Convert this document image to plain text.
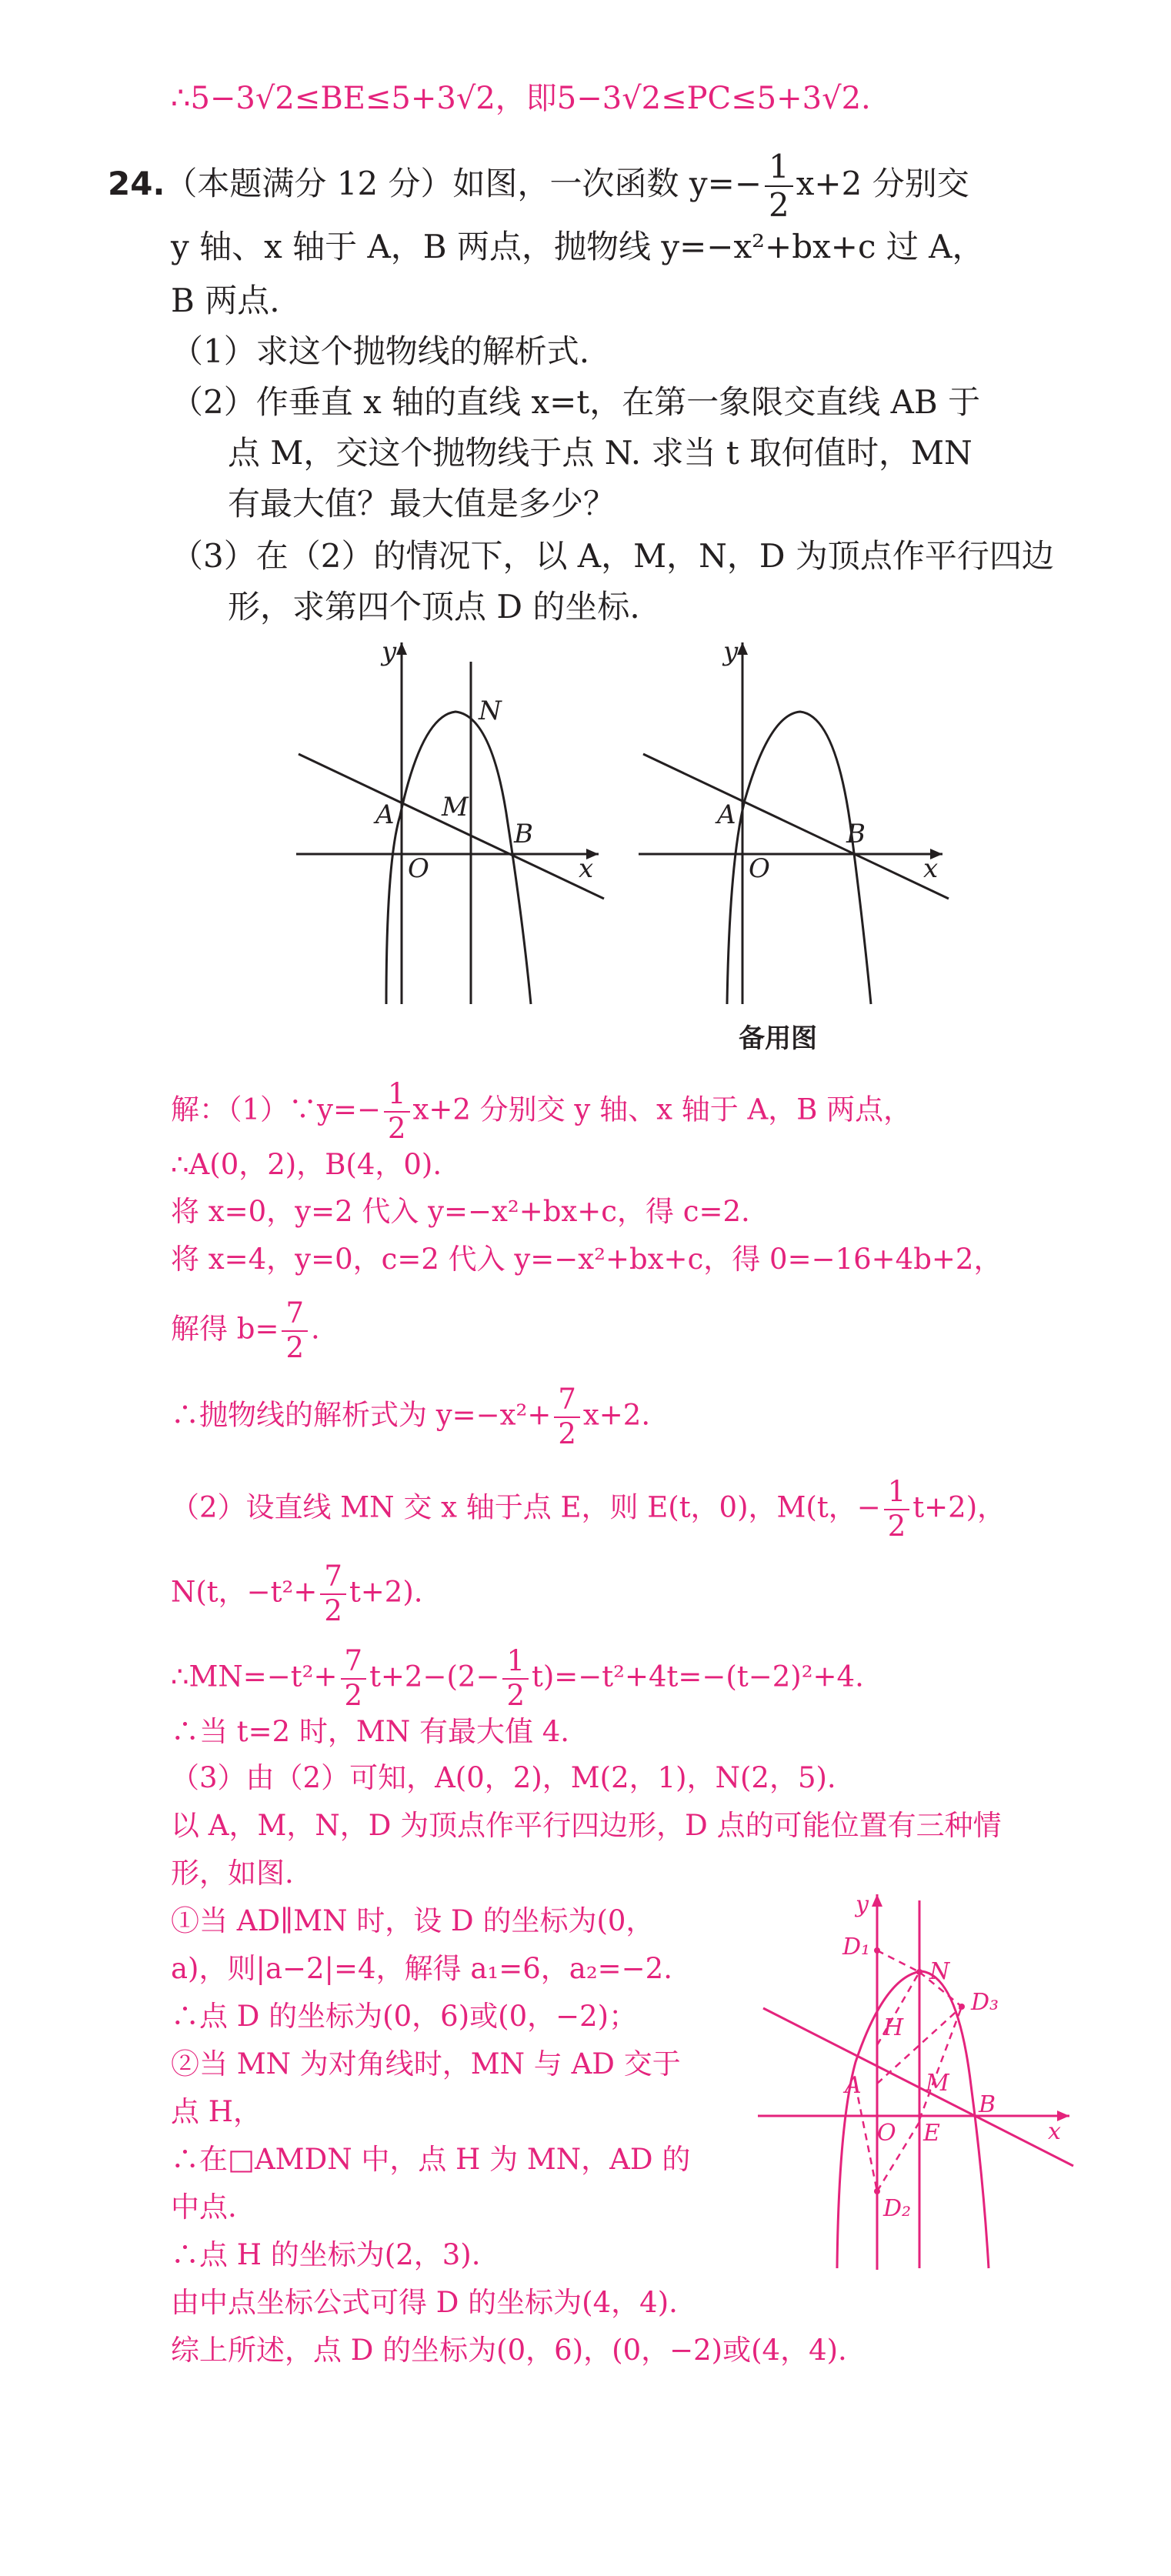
∴5−3√2≤BE≤5+3√2，即5−3√2≤PC≤5+3√2.
24.（本题满分 12 分）如图，一次函数 $y=- \frac{1}{2} x+2$ 分别交
y 轴、x 轴于 A，B 两点，抛物线 y=−x²+bx+c 过 A，
B 两点.
（1）求这个抛物线的解析式.
（2）作垂直 x 轴的直线 x=t，在第一象限交直线 AB 于
点 M，交这个抛物线于点 N. 求当 t 取何值时，MN
有最大值？最大值是多少？
（3）在（2）的情况下，以 A，M，N，D 为顶点作平行四边
形，求第四个顶点 D 的坐标.
y
x
N
A M
O
B
y
x
A
O
B
备用图
解：（1）∵y=− $\frac{1}{2} x+2$ 分别交 y 轴、x 轴于 A，B 两点，
∴A(0，2)，B(4，0).
将 x=0，y=2 代入 y=−x²+bx+c，得 c=2.
将 x=4，y=0，c=2 代入 y=−x²+bx+c，得 0=−16+4b+2，
解得 $b= \frac{7}{2}$ .
∴抛物线的解析式为 $y=-x^2+ \frac{7}{2} x+2$.
（2）设直线 MN 交 x 轴于点 E，则 E(t，0)，M(t，− $\frac{1}{2} t+2$)，
N(t，$-t^2+ \frac{7}{2} t+2$).
∴MN=−t²+ $\frac{7}{2} t+2-(2- \frac{1}{2} t)=-t^2+4t=-(t-2)^2+4$.
∴当 t=2 时，MN 有最大值 4.
（3）由（2）可知，A(0，2)，M(2，1)，N(2，5).
以 A，M，N，D 为顶点作平行四边形，D 点的可能位置有三种情
形，如图.
①当 AD∥MN 时，设 D 的坐标为(0，
a)，则|a−2|=4，解得 a₁=6，a₂=−2.
∴点 D 的坐标为(0，6)或(0，−2)；
②当 MN 为对角线时，MN 与 AD 交于
点 H，
∴在□AMDN 中，点 H 为 MN，AD 的
中点.
∴点 H 的坐标为(2，3).
由中点坐标公式可得 D 的坐标为(4，4).
综上所述，点 D 的坐标为(0，6)，(0，−2)或(4，4).
y
x
D₁
N
D₃
H
M
A
B
O E
D₂
